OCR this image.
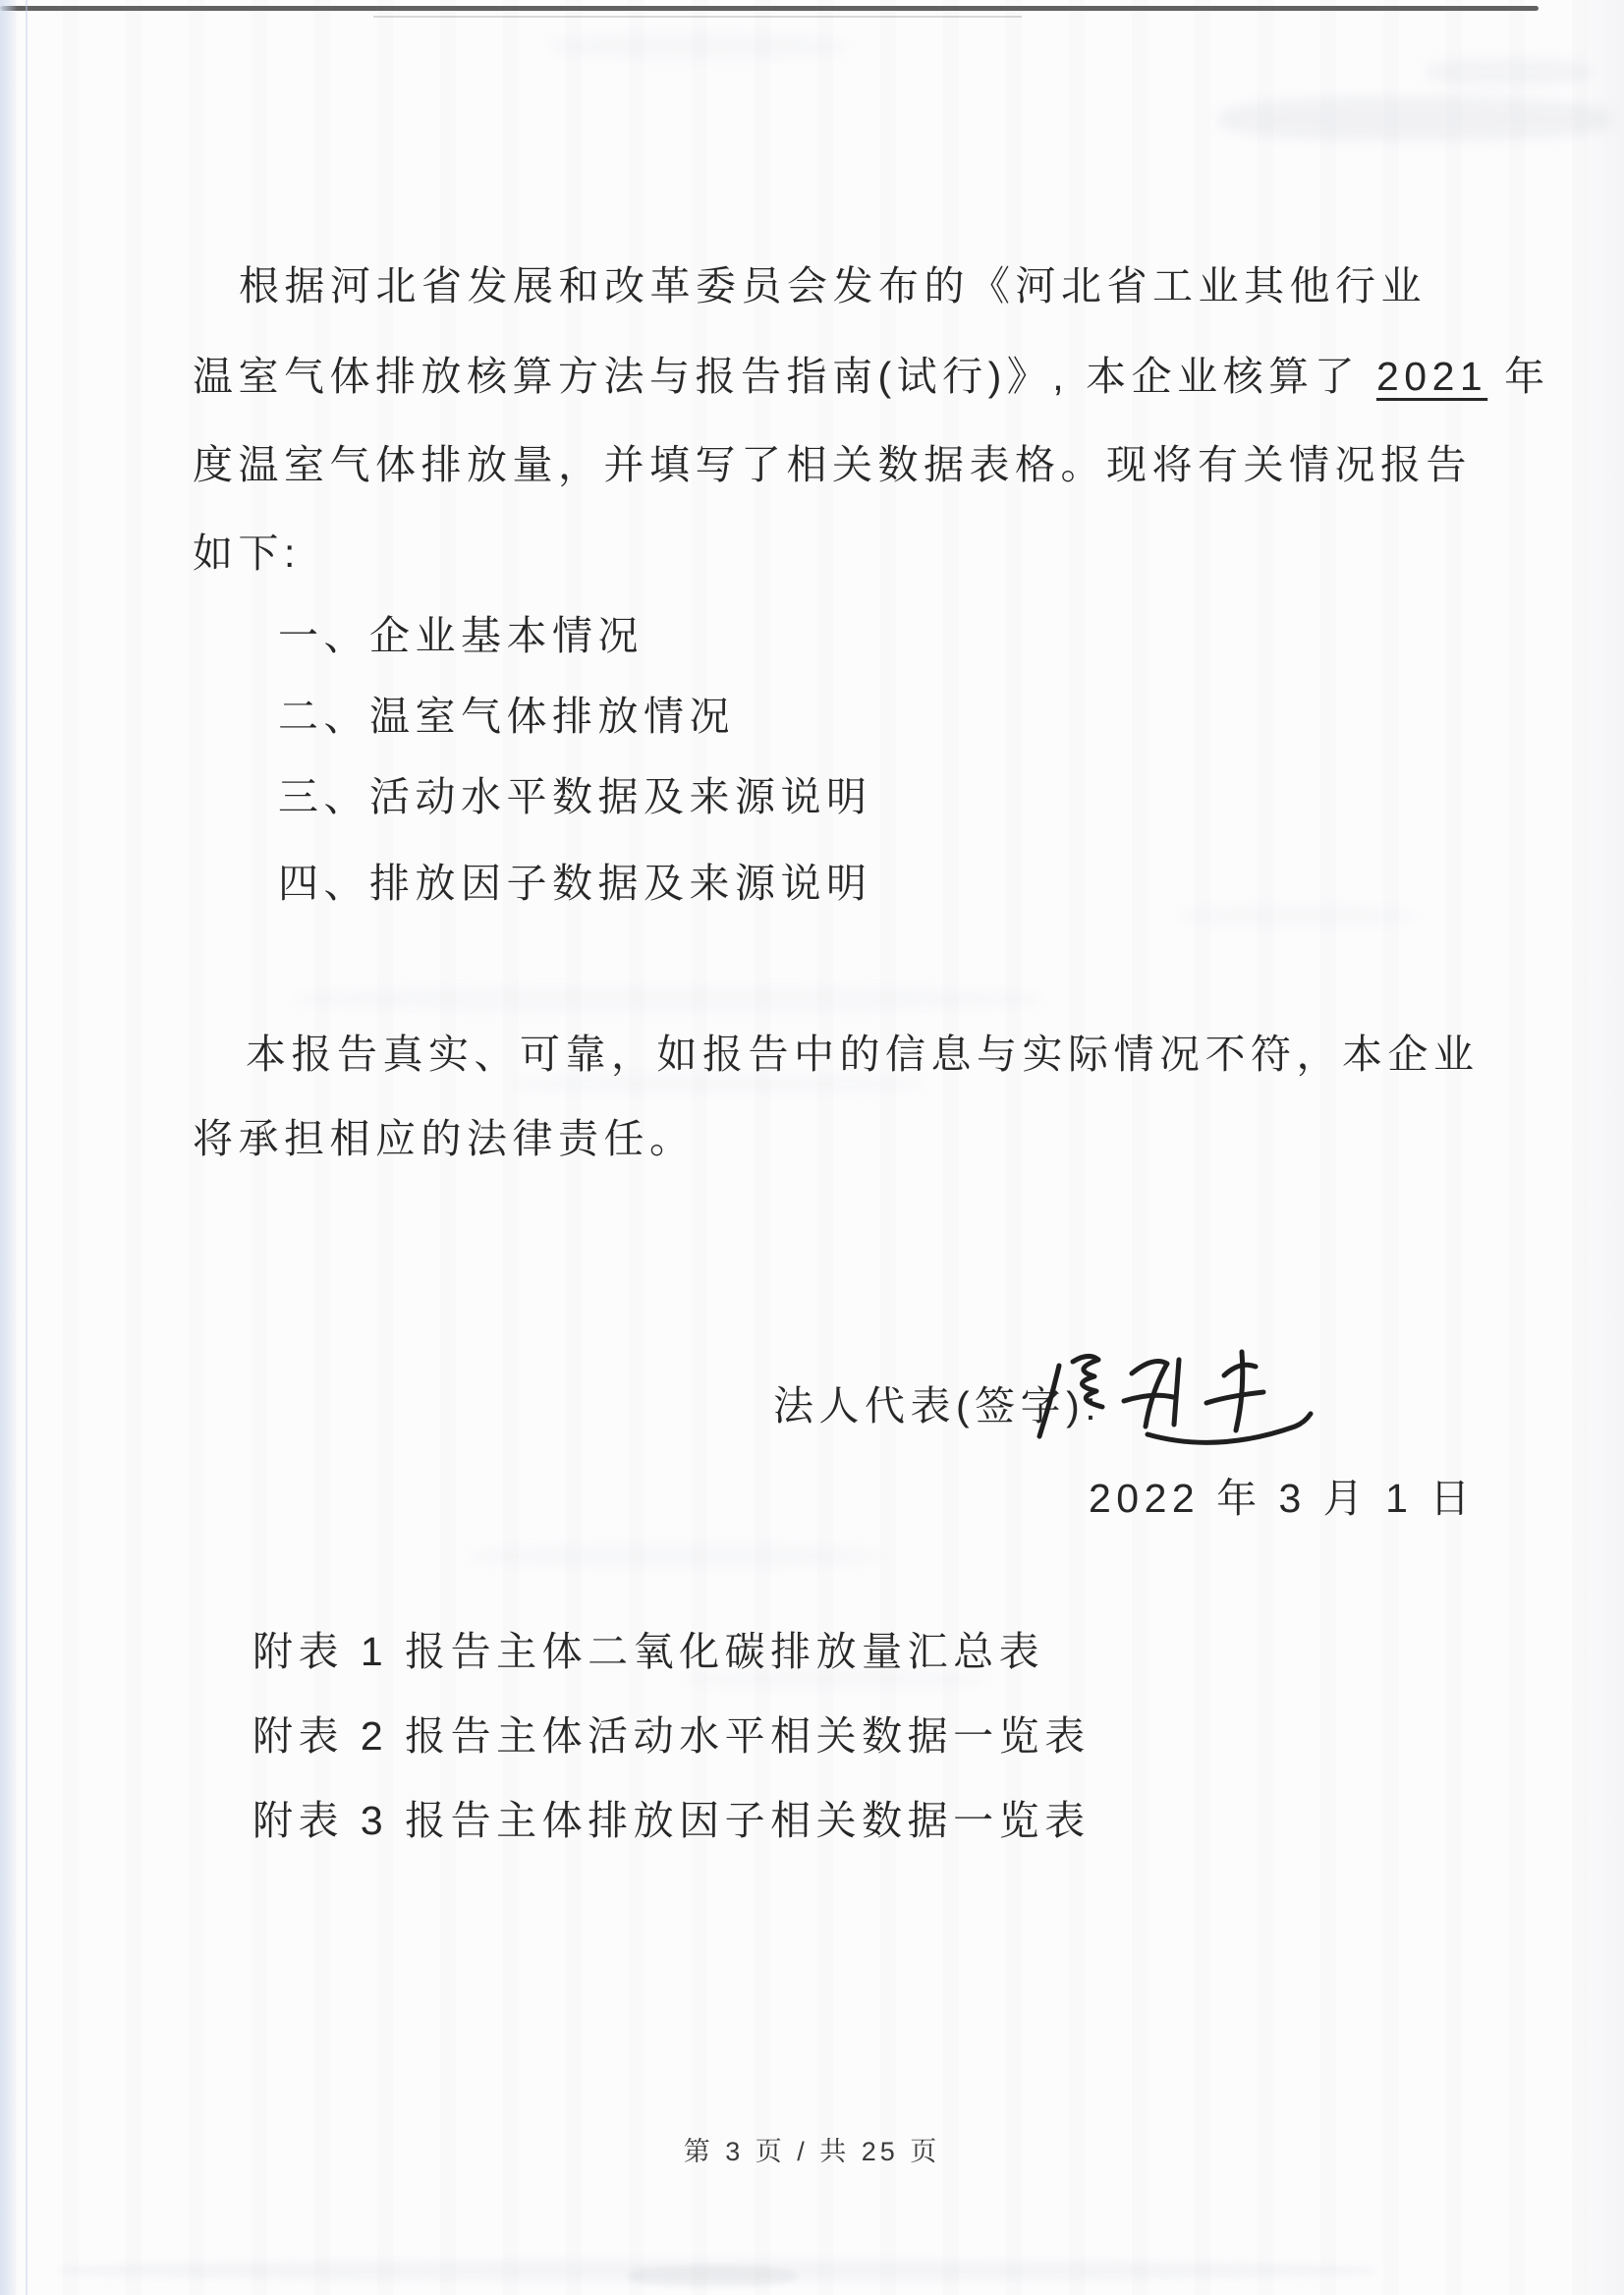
根据河北省发展和改革委员会发布的《河北省工业其他行业
温室气体排放核算方法与报告指南(试行)》, 本企业核算了 2021 年
度温室气体排放量，并填写了相关数据表格。现将有关情况报告
如下:
一、企业基本情况
二、温室气体排放情况
三、活动水平数据及来源说明
四、排放因子数据及来源说明
本报告真实、可靠，如报告中的信息与实际情况不符，本企业
将承担相应的法律责任。
法人代表(签字):
2022 年 3 月 1 日
附表 1 报告主体二氧化碳排放量汇总表
附表 2 报告主体活动水平相关数据一览表
附表 3 报告主体排放因子相关数据一览表
第 3 页 / 共 25 页
